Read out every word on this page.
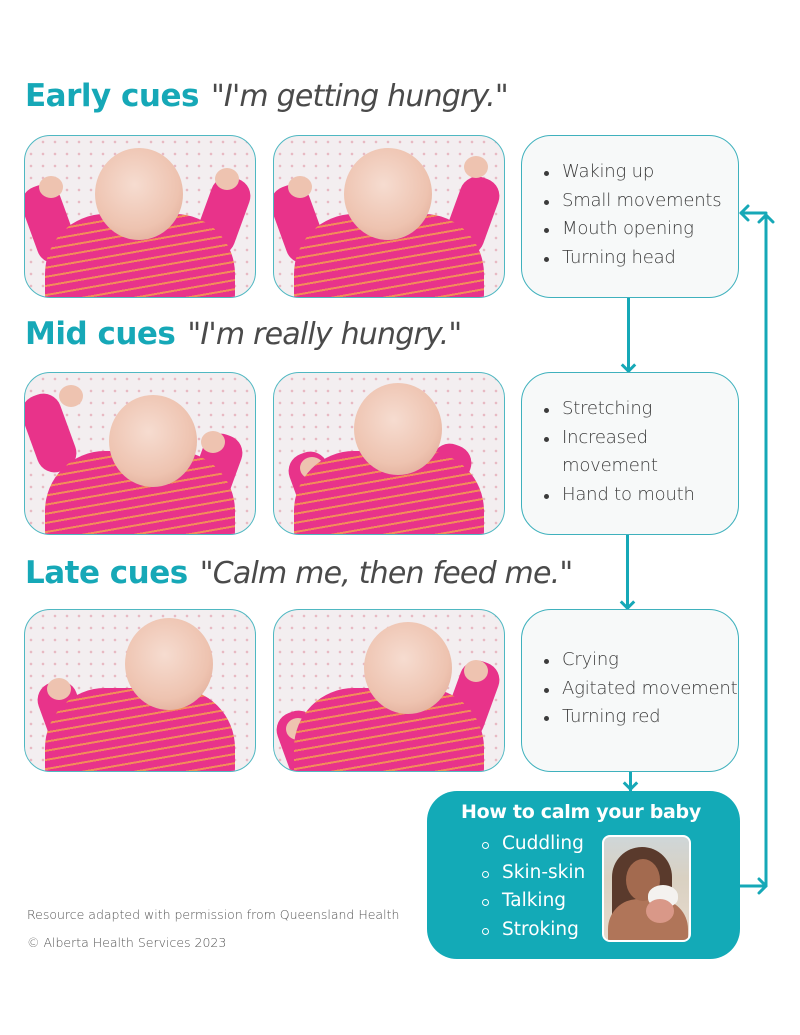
Early cues "I'm getting hungry."
Waking up
Small movements
Mouth opening
Turning head
Mid cues "I'm really hungry."
Stretching
Increased
movement
Hand to mouth
Late cues "Calm me, then feed me."
Crying
Agitated movement
Turning red
How to calm your baby
Cuddling
Skin-skin
Talking
Stroking
Resource adapted with permission from Queensland Health
© Alberta Health Services 2023
